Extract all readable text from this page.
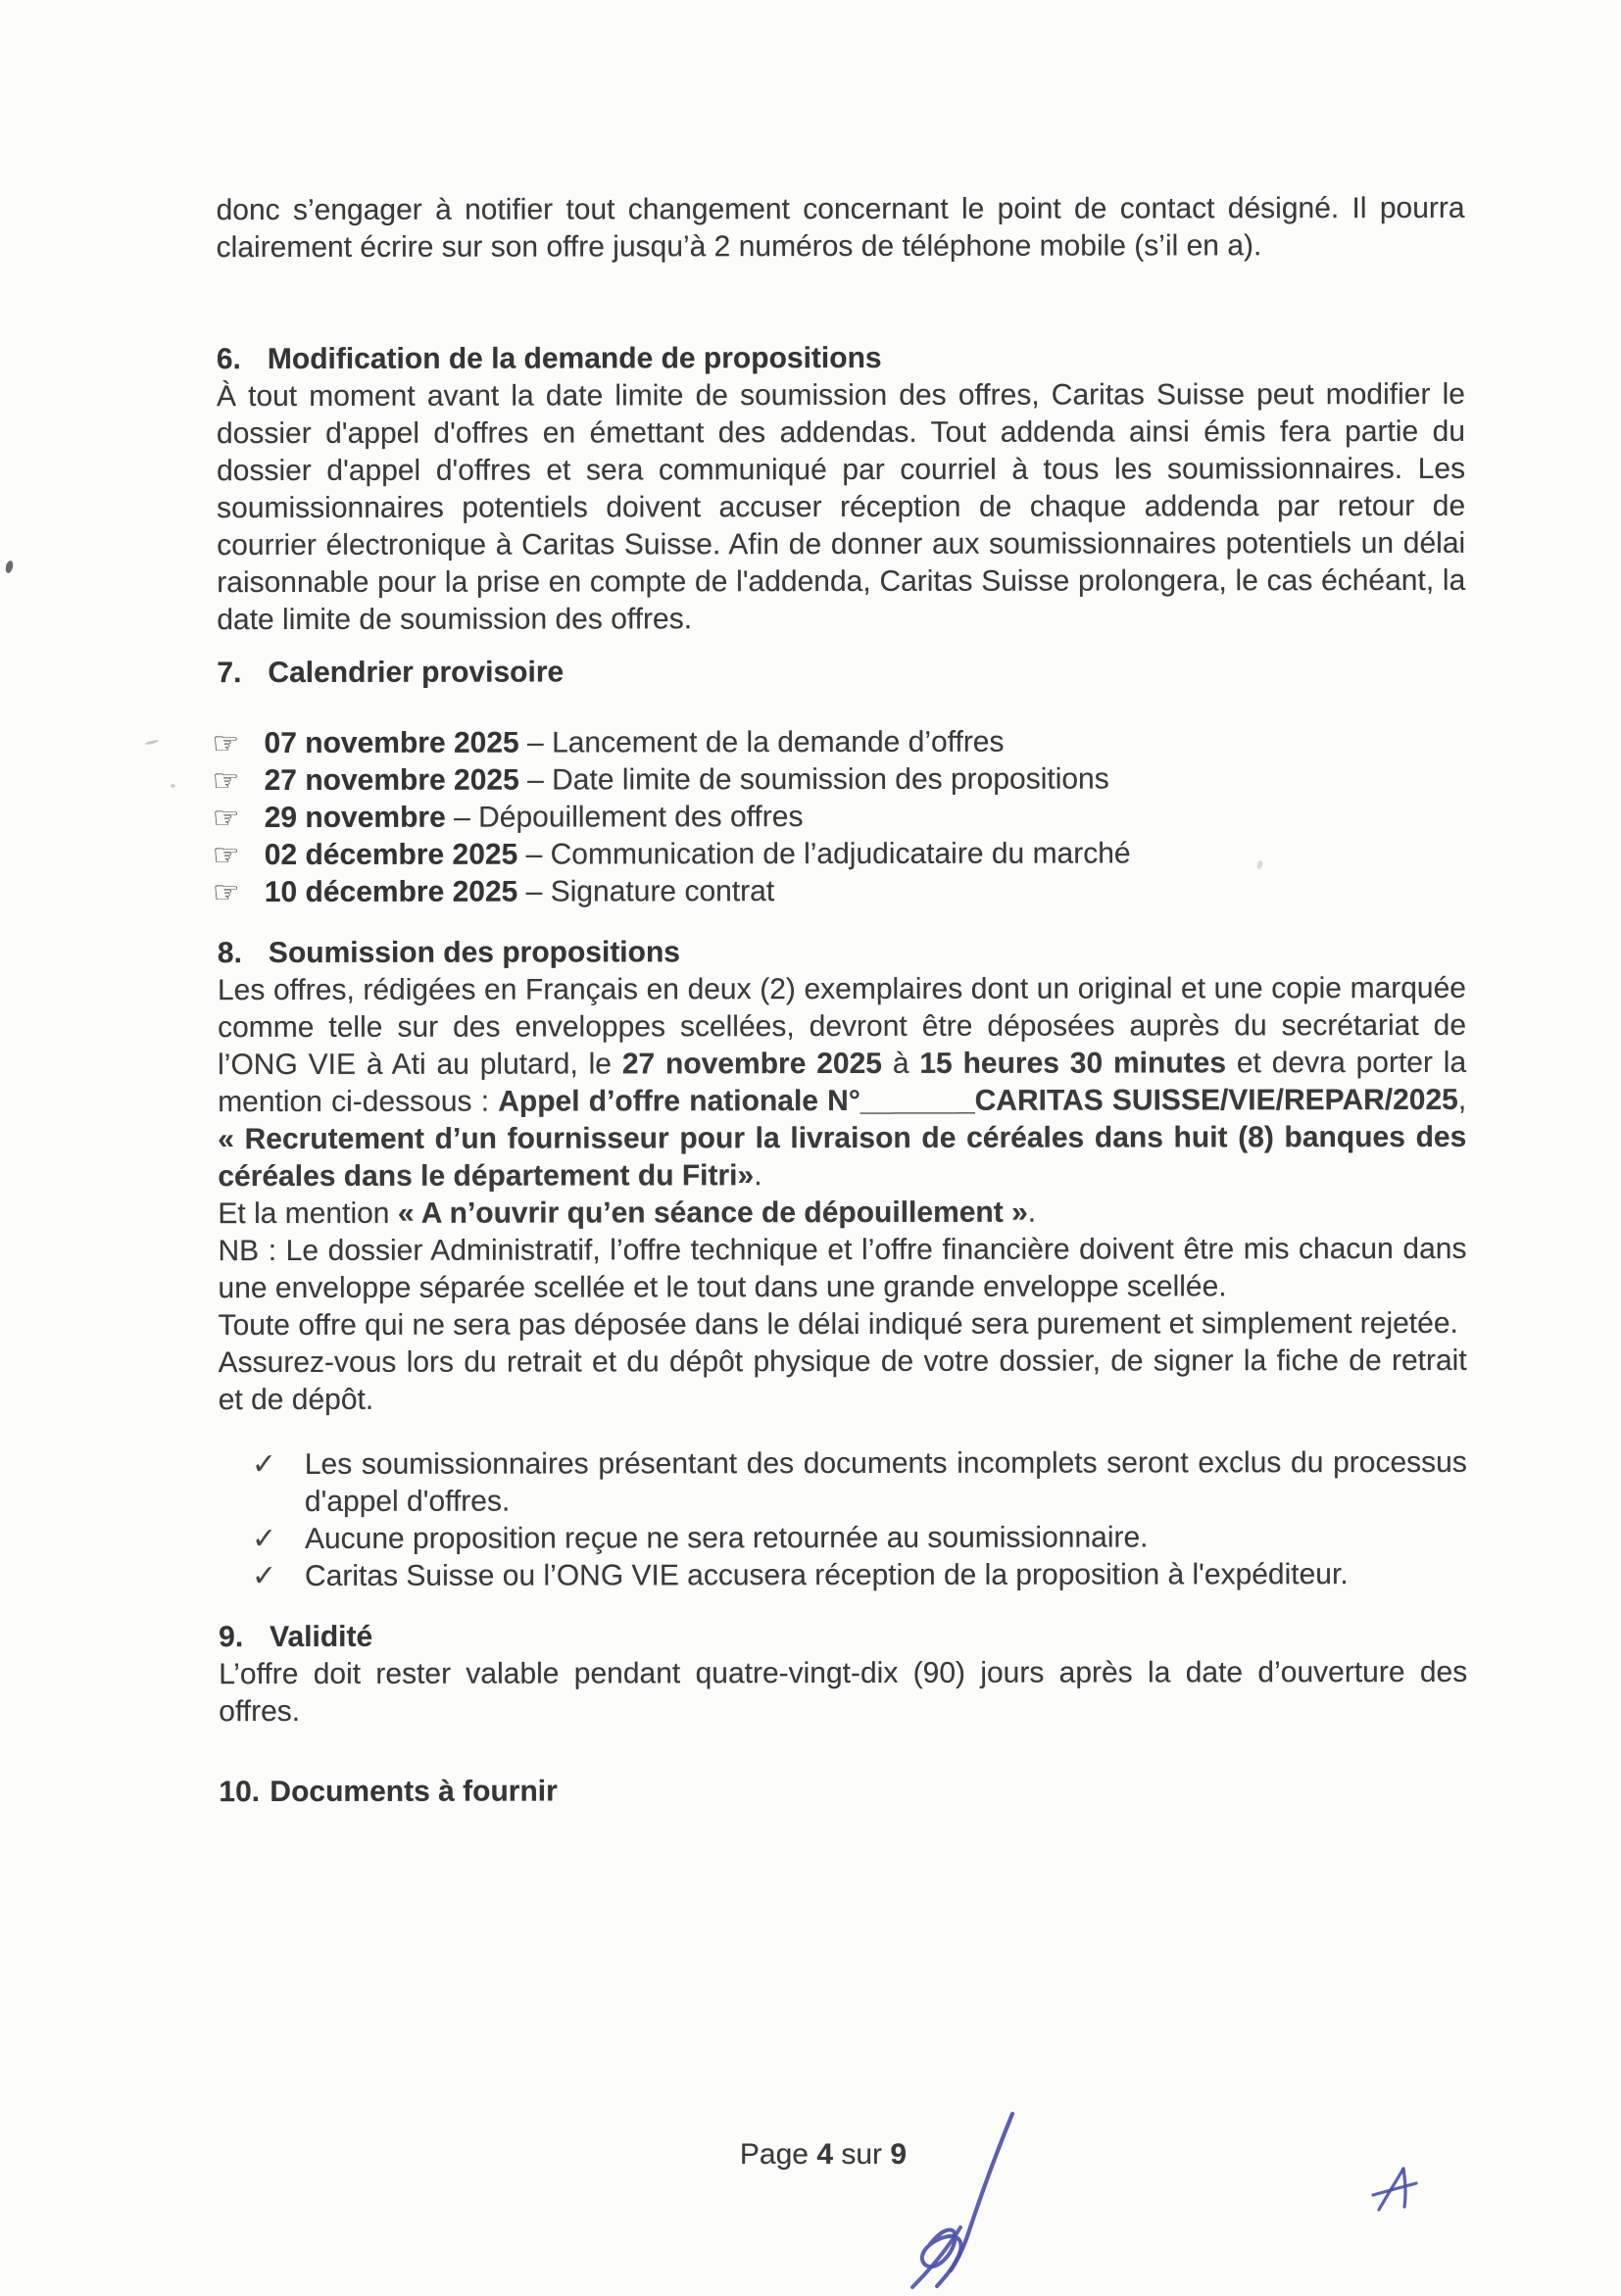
donc s’engager à notifier tout changement concernant le point de contact désigné. Il pourra clairement écrire sur son offre jusqu’à 2 numéros de téléphone mobile (s’il en a).

6. Modification de la demande de propositions

À tout moment avant la date limite de soumission des offres, Caritas Suisse peut modifier le dossier d'appel d'offres en émettant des addendas. Tout addenda ainsi émis fera partie du dossier d'appel d'offres et sera communiqué par courriel à tous les soumissionnaires. Les soumissionnaires potentiels doivent accuser réception de chaque addenda par retour de courrier électronique à Caritas Suisse. Afin de donner aux soumissionnaires potentiels un délai raisonnable pour la prise en compte de l'addenda, Caritas Suisse prolongera, le cas échéant, la date limite de soumission des offres.

7. Calendrier provisoire
☞ 07 novembre 2025 – Lancement de la demande d’offres
☞ 27 novembre 2025 – Date limite de soumission des propositions
☞ 29 novembre – Dépouillement des offres
☞ 02 décembre 2025 – Communication de l’adjudicataire du marché
☞ 10 décembre 2025 – Signature contrat
8. Soumission des propositions

Les offres, rédigées en Français en deux (2) exemplaires dont un original et une copie marquée comme telle sur des enveloppes scellées, devront être déposées auprès du secrétariat de l’ONG VIE à Ati au plutard, le 27 novembre 2025 à 15 heures 30 minutes et devra porter la mention ci-dessous : Appel d’offre nationale N°_______CARITAS SUISSE/VIE/REPAR/2025, « Recrutement d’un fournisseur pour la livraison de céréales dans huit (8) banques des céréales dans le département du Fitri».

Et la mention « A n’ouvrir qu’en séance de dépouillement ».

NB : Le dossier Administratif, l’offre technique et l’offre financière doivent être mis chacun dans une enveloppe séparée scellée et le tout dans une grande enveloppe scellée.

Toute offre qui ne sera pas déposée dans le délai indiqué sera purement et simplement rejetée.

Assurez-vous lors du retrait et du dépôt physique de votre dossier, de signer la fiche de retrait et de dépôt.

✓ Les soumissionnaires présentant des documents incomplets seront exclus du processus d'appel d'offres.
✓ Aucune proposition reçue ne sera retournée au soumissionnaire.
✓ Caritas Suisse ou l’ONG VIE accusera réception de la proposition à l'expéditeur.
9. Validité

L’offre doit rester valable pendant quatre-vingt-dix (90) jours après la date d’ouverture des offres.

10. Documents à fournir
Page 4 sur 9
